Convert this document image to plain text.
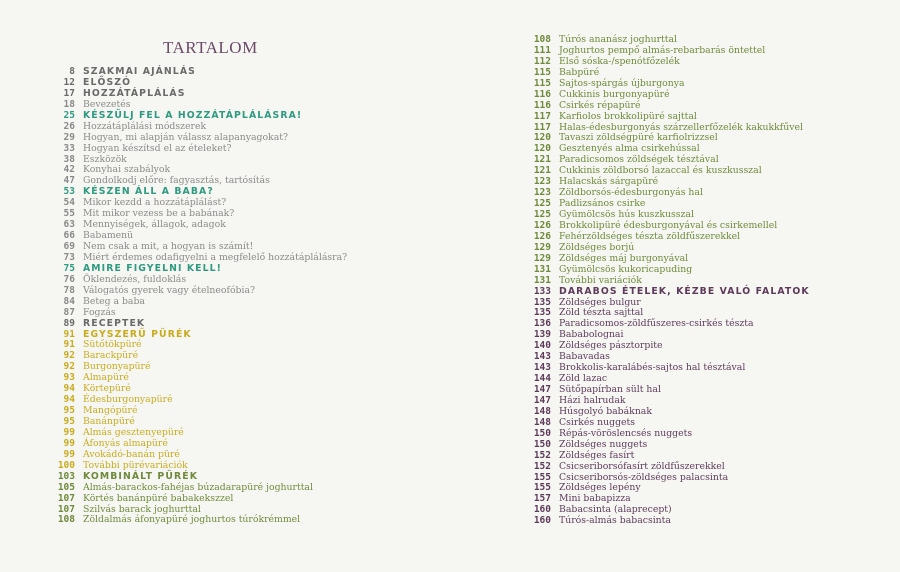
TARTALOM
8 SZAKMAI AJÁNLÁS
12 ELŐSZÓ
17 HOZZÁTÁPLÁLÁS
18 Bevezetés
25 KÉSZÜLJ FEL A HOZZÁTÁPLÁLÁSRA!
26 Hozzátáplálási módszerek
29 Hogyan, mi alapján válassz alapanyagokat?
33 Hogyan készítsd el az ételeket?
38 Eszközök
42 Konyhai szabályok
47 Gondolkodj előre: fagyasztás, tartósítás
53 KÉSZEN ÁLL A BABA?
54 Mikor kezdd a hozzátáplálást?
55 Mit mikor vezess be a babának?
63 Mennyiségek, állagok, adagok
66 Babamenü
69 Nem csak a mit, a hogyan is számít!
73 Miért érdemes odafigyelni a megfelelő hozzátáplálásra?
75 AMIRE FIGYELNI KELL!
76 Öklendezés, fuldoklás
78 Válogatós gyerek vagy ételneofóbia?
84 Beteg a baba
87 Fogzás
89 RECEPTEK
91 EGYSZERŰ PÜRÉK
91 Sütőtökpüré
92 Barackpüré
92 Burgonyapüré
93 Almapüré
94 Körtepüré
94 Édesburgonyapüré
95 Mangópüré
95 Banánpüré
99 Almás gesztenyepüré
99 Áfonyás almapüré
99 Avokádó-banán püré
100 További pürévariációk
103 KOMBINÁLT PÜRÉK
105 Almás-barackos-fahéjas búzadarapüré joghurttal
107 Körtés banánpüré babakekszzel
107 Szilvás barack joghurttal
108 Zöldalmás áfonyapüré joghurtos túrókrémmel
108 Túrós ananász joghurttal
111 Joghurtos pempő almás-rebarbarás öntettel
112 Első sóska-/spenótfőzelék
115 Babpüré
115 Sajtos-spárgás újburgonya
116 Cukkinis burgonyapüré
116 Csirkés répapüré
117 Karfiolos brokkolipüré sajttal
117 Halas-édesburgonyás szárzellerfőzelék kakukkfűvel
120 Tavaszi zöldségpüré karfiolrizzsel
120 Gesztenyés alma csirkehússal
121 Paradicsomos zöldségek tésztával
121 Cukkinis zöldborsó lazaccal és kuszkusszal
123 Halacskás sárgapüré
123 Zöldborsós-édesburgonyás hal
125 Padlizsános csirke
125 Gyümölcsös hús kuszkusszal
126 Brokkolipüré édesburgonyával és csirkemellel
126 Fehérzöldséges tészta zöldfűszerekkel
129 Zöldséges borjú
129 Zöldséges máj burgonyával
131 Gyümölcsös kukoricapuding
131 További variációk
133 DARABOS ÉTELEK, KÉZBE VALÓ FALATOK
135 Zöldséges bulgur
135 Zöld tészta sajttal
136 Paradicsomos-zöldfűszeres-csirkés tészta
139 Bababolognai
140 Zöldséges pásztorpite
143 Babavadas
143 Brokkolis-karalábés-sajtos hal tésztával
144 Zöld lazac
147 Sütőpapírban sült hal
147 Házi halrudak
148 Húsgolyó babáknak
148 Csirkés nuggets
150 Répás-vöröslencsés nuggets
150 Zöldséges nuggets
152 Zöldséges fasírt
152 Csicseriborsófasírt zöldfűszerekkel
155 Csicseriborsós-zöldséges palacsinta
155 Zöldséges lepény
157 Mini babapizza
160 Babacsinta (alaprecept)
160 Túrós-almás babacsinta
